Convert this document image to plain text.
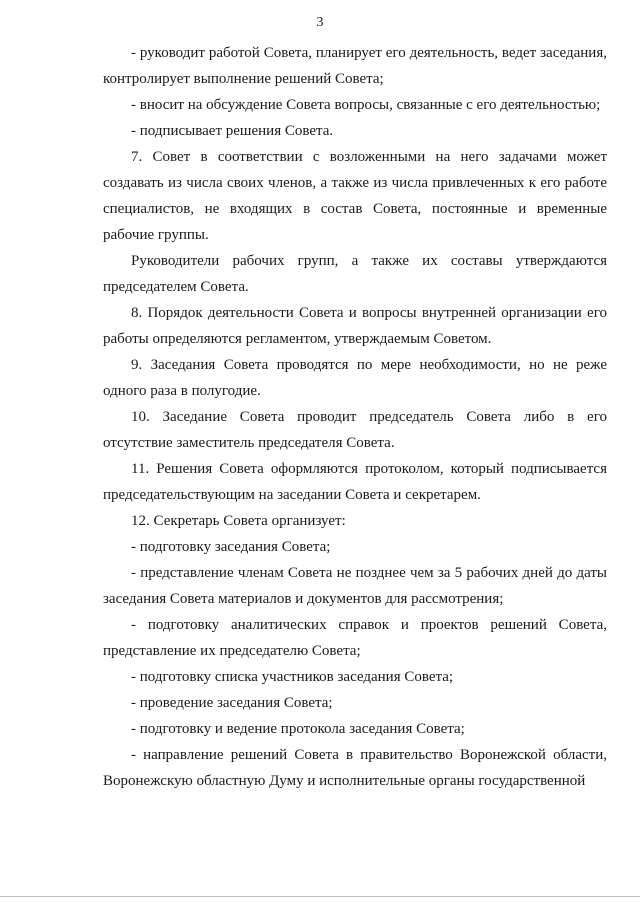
3

- руководит работой Совета, планирует его деятельность, ведет заседания, контролирует выполнение решений Совета;

- вносит на обсуждение Совета вопросы, связанные с его деятельностью;

- подписывает решения Совета.

7. Совет в соответствии с возложенными на него задачами может создавать из числа своих членов, а также из числа привлеченных к его работе специалистов, не входящих в состав Совета, постоянные и временные рабочие группы.

Руководители рабочих групп, а также их составы утверждаются председателем Совета.

8. Порядок деятельности Совета и вопросы внутренней организации его работы определяются регламентом, утверждаемым Советом.

9. Заседания Совета проводятся по мере необходимости, но не реже одного раза в полугодие.

10. Заседание Совета проводит председатель Совета либо в его отсутствие заместитель председателя Совета.

11. Решения Совета оформляются протоколом, который подписывается председательствующим на заседании Совета и секретарем.

12. Секретарь Совета организует:

- подготовку заседания Совета;

- представление членам Совета не позднее чем за 5 рабочих дней до даты заседания Совета материалов и документов для рассмотрения;

- подготовку аналитических справок и проектов решений Совета, представление их председателю Совета;

- подготовку списка участников заседания Совета;

- проведение заседания Совета;

- подготовку и ведение протокола заседания Совета;

- направление решений Совета в правительство Воронежской области, Воронежскую областную Думу и исполнительные органы государственной
